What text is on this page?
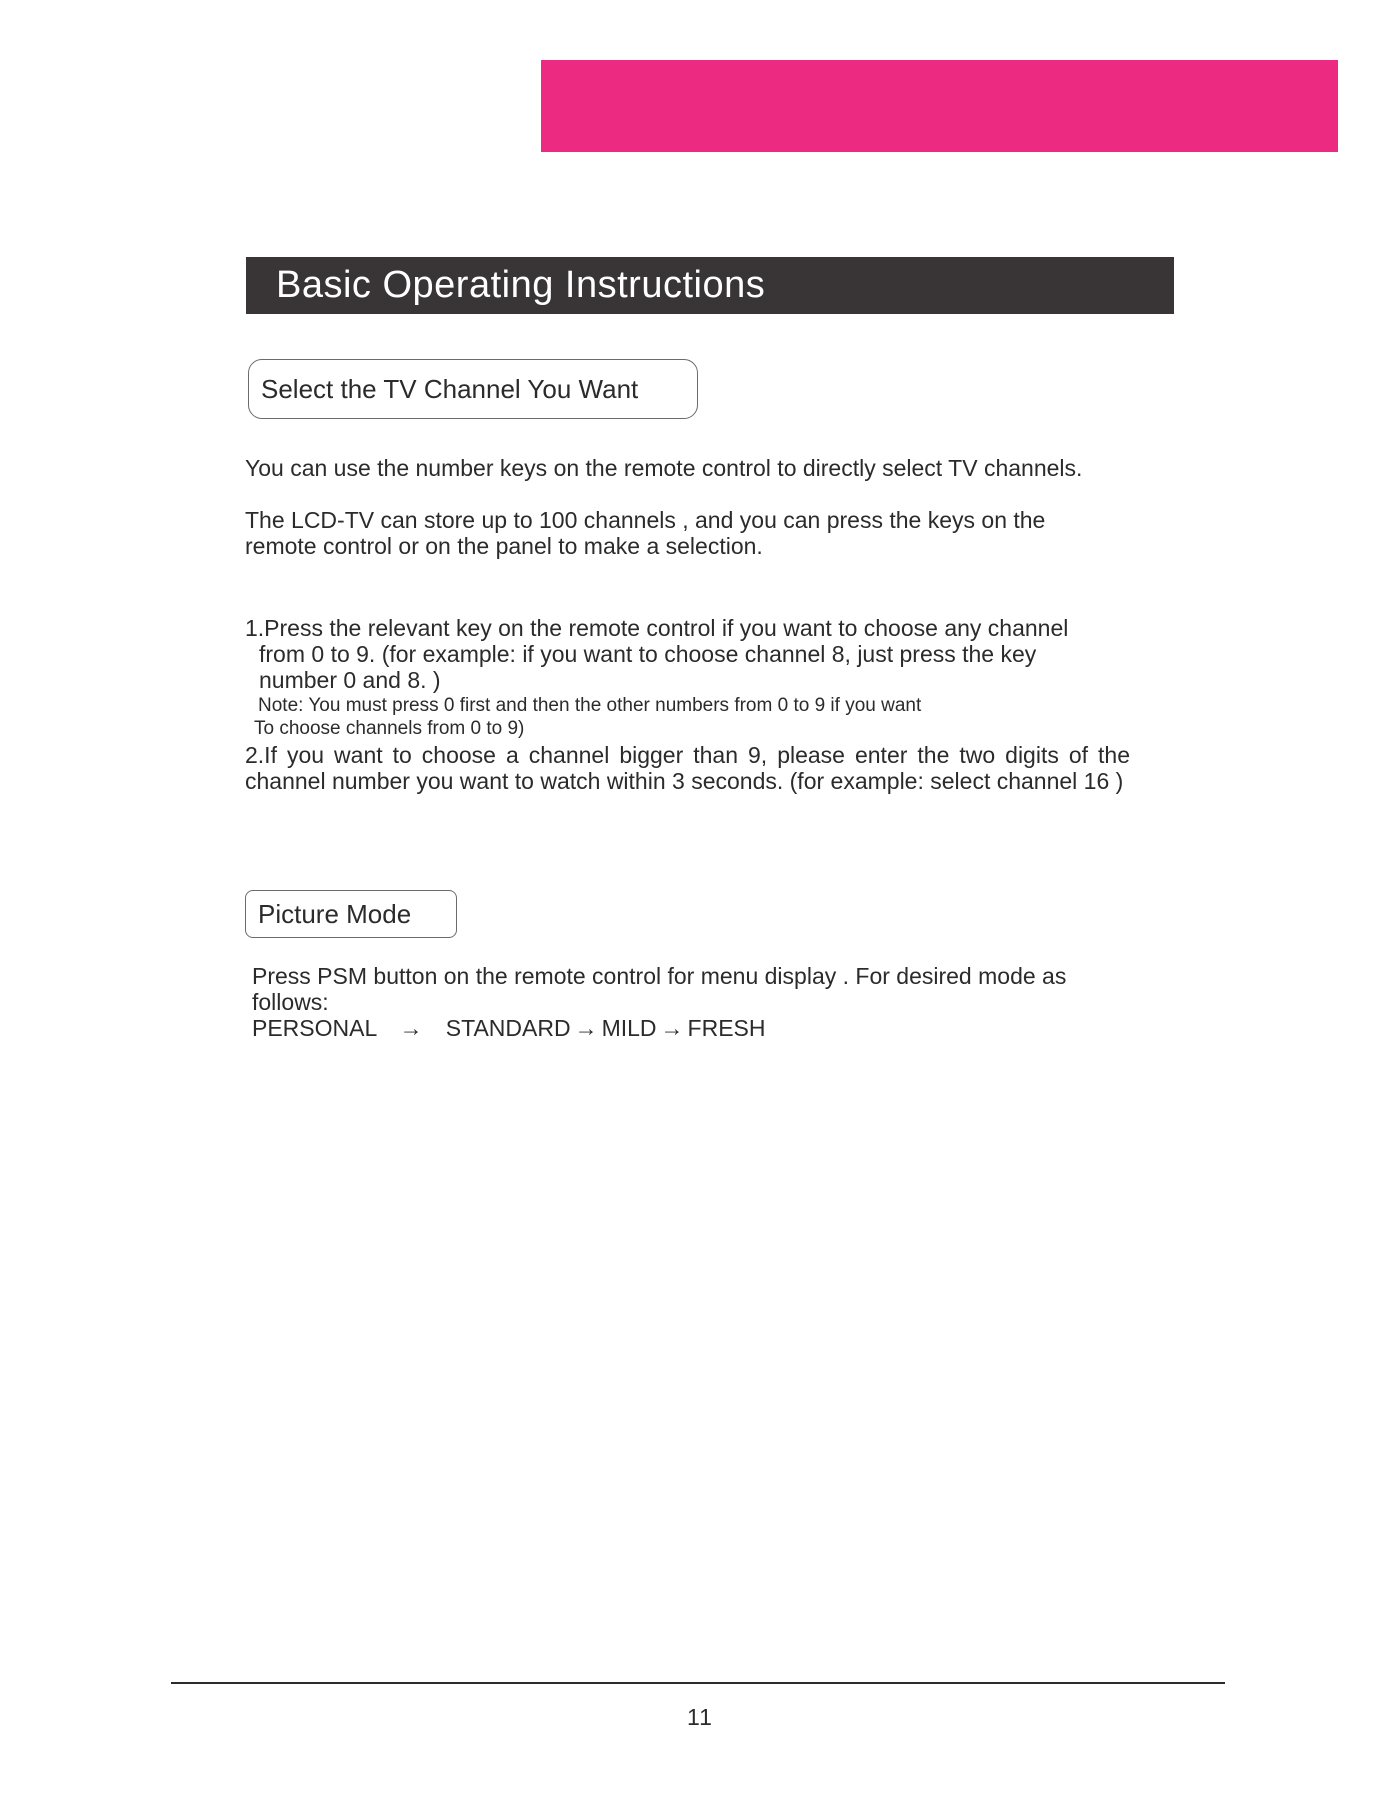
Basic Operating Instructions
Select the TV Channel You Want

You can use the number keys on the remote control to directly select TV channels.

The LCD-TV can store up to 100 channels , and you can press the keys on the remote control or on the panel to make a selection.

1.Press the relevant key on the remote control if you want to choose any channel
from 0 to 9. (for example: if you want to choose channel 8, just press the key
number 0 and 8. )

Note: You must press 0 first and then the other numbers from 0 to 9 if you want
To choose channels from 0 to 9)

2.If you want to choose a channel bigger than 9, please enter the two digits of the channel number you want to watch within 3 seconds. (for example: select channel 16 )

Picture Mode

Press PSM button on the remote control for menu display . For desired mode as follows:

PERSONAL → STANDARD → MILD → FRESH
11
